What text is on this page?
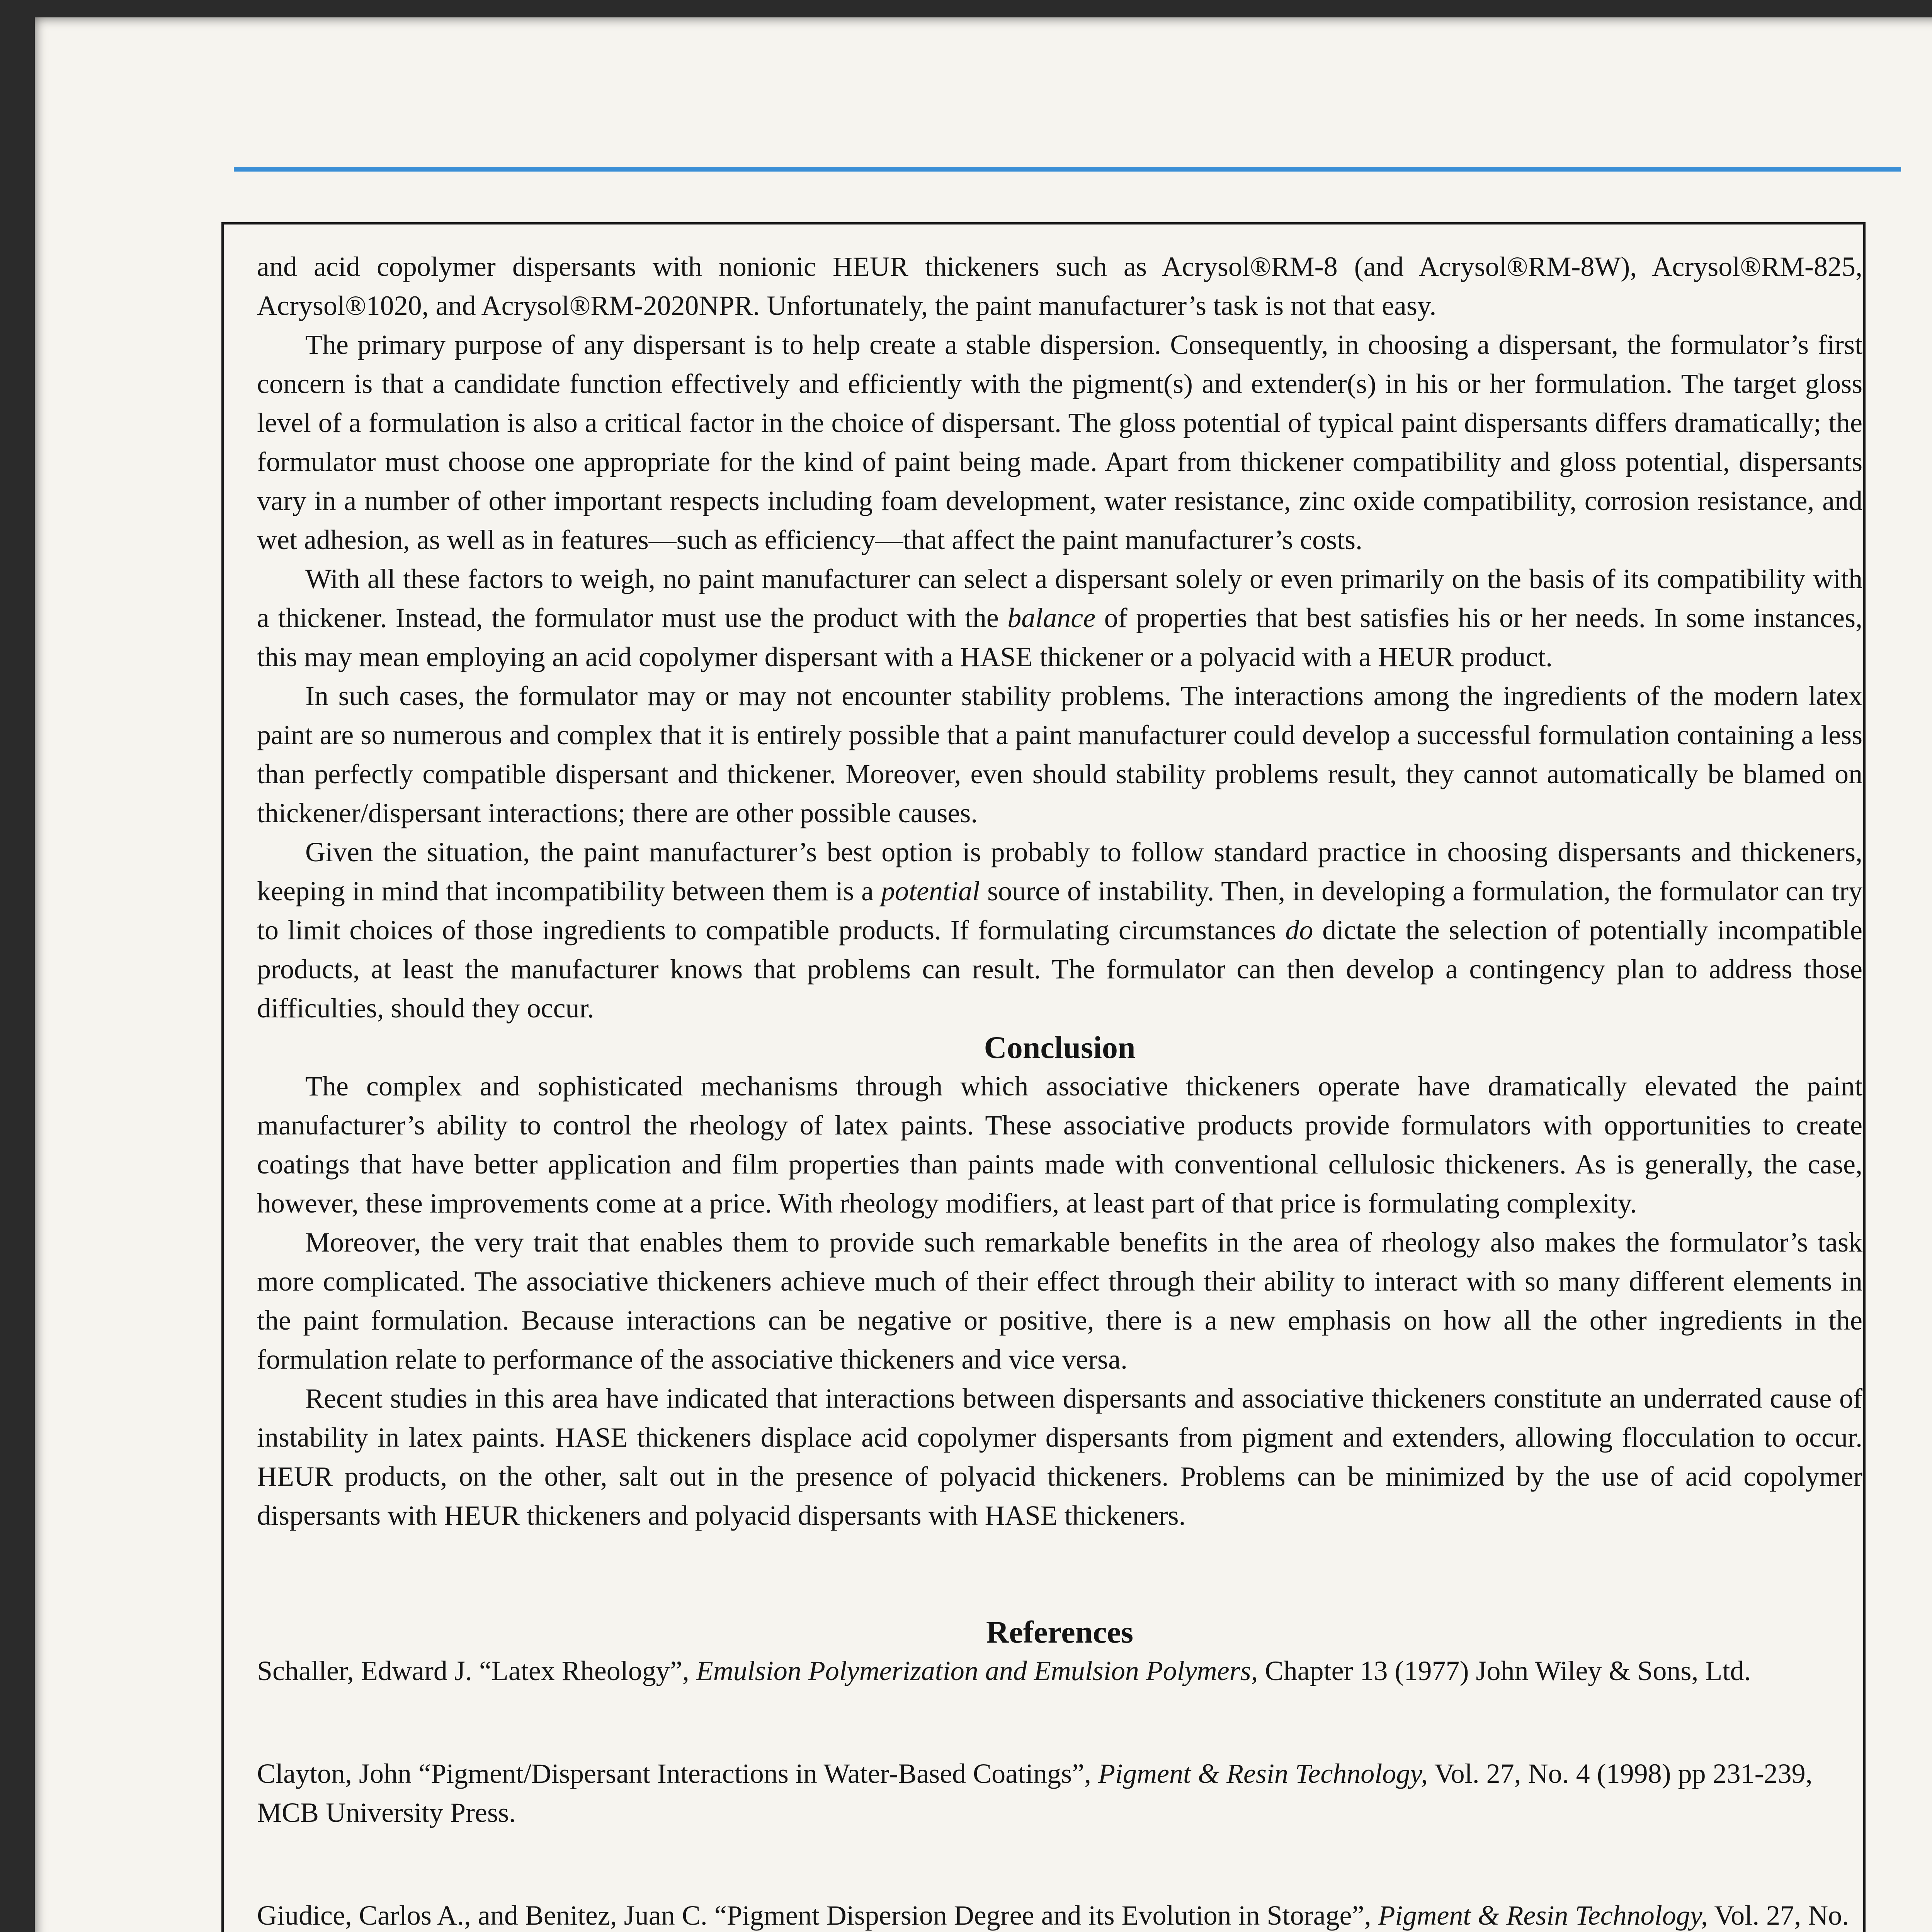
and acid copolymer dispersants with nonionic HEUR thickeners such as Acrysol®RM-8 (and Acrysol®RM-8W), Acrysol®RM-825, Acrysol®1020, and Acrysol®RM-2020NPR. Unfortunately, the paint manufacturer’s task is not that easy.

The primary purpose of any dispersant is to help create a stable dispersion. Consequently, in choosing a dispersant, the formulator’s first concern is that a candidate function effectively and efficiently with the pigment(s) and extender(s) in his or her formulation. The target gloss level of a formulation is also a critical factor in the choice of dispersant. The gloss potential of typical paint dispersants differs dramatically; the formulator must choose one appropriate for the kind of paint being made. Apart from thickener compatibility and gloss potential, dispersants vary in a number of other important respects including foam development, water resistance, zinc oxide compatibility, corrosion resistance, and wet adhesion, as well as in features—such as efficiency—that affect the paint manufacturer’s costs.

With all these factors to weigh, no paint manufacturer can select a dispersant solely or even primarily on the basis of its compatibility with a thickener. Instead, the formulator must use the product with the balance of properties that best satisfies his or her needs. In some instances, this may mean employing an acid copolymer dispersant with a HASE thickener or a polyacid with a HEUR product.

In such cases, the formulator may or may not encounter stability problems. The interactions among the ingredients of the modern latex paint are so numerous and complex that it is entirely possible that a paint manufacturer could develop a successful formulation containing a less than perfectly compatible dispersant and thickener. Moreover, even should stability problems result, they cannot automatically be blamed on thickener/dispersant interactions; there are other possible causes.

Given the situation, the paint manufacturer’s best option is probably to follow standard practice in choosing dispersants and thickeners, keeping in mind that incompatibility between them is a potential source of instability. Then, in developing a formulation, the formulator can try to limit choices of those ingredients to compatible products. If formulating circumstances do dictate the selection of potentially incompatible products, at least the manufacturer knows that problems can result. The formulator can then develop a contingency plan to address those difficulties, should they occur.

Conclusion

The complex and sophisticated mechanisms through which associative thickeners operate have dramatically elevated the paint manufacturer’s ability to control the rheology of latex paints. These associative products provide formulators with opportunities to create coatings that have better application and film properties than paints made with conventional cellulosic thickeners. As is generally, the case, however, these improvements come at a price. With rheology modifiers, at least part of that price is formulating complexity.

Moreover, the very trait that enables them to provide such remarkable benefits in the area of rheology also makes the formulator’s task more complicated. The associative thickeners achieve much of their effect through their ability to interact with so many different elements in the paint formulation. Because interactions can be negative or positive, there is a new emphasis on how all the other ingredients in the formulation relate to performance of the associative thickeners and vice versa.

Recent studies in this area have indicated that interactions between dispersants and associative thickeners constitute an underrated cause of instability in latex paints. HASE thickeners displace acid copolymer dispersants from pigment and extenders, allowing flocculation to occur. HEUR products, on the other, salt out in the presence of polyacid thickeners. Problems can be minimized by the use of acid copolymer dispersants with HEUR thickeners and polyacid dispersants with HASE thickeners.

References

Schaller, Edward J. “Latex Rheology”, Emulsion Polymerization and Emulsion Polymers, Chapter 13 (1977) John Wiley & Sons, Ltd.

Clayton, John “Pigment/Dispersant Interactions in Water-Based Coatings”, Pigment & Resin Technology, Vol. 27, No. 4 (1998) pp 231-239, MCB University Press.

Giudice, Carlos A., and Benitez, Juan C. “Pigment Dispersion Degree and its Evolution in Storage”, Pigment & Resin Technology, Vol. 27, No.
